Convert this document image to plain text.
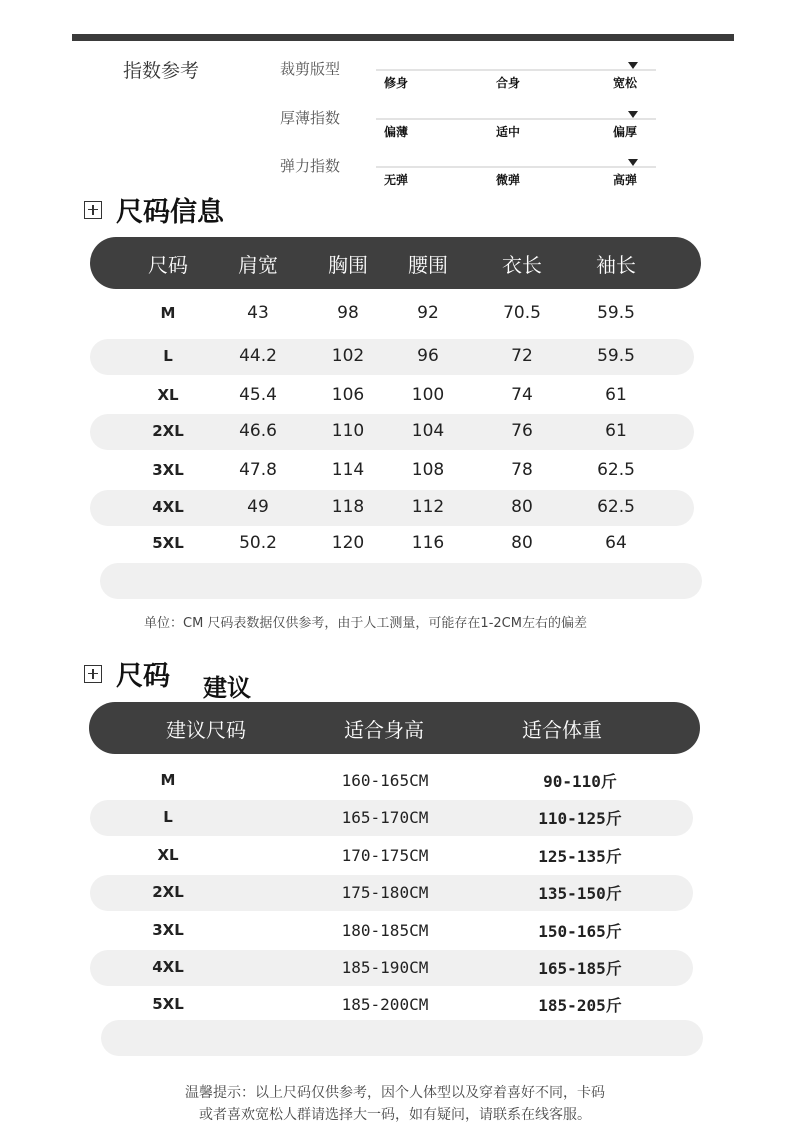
指数参考	裁剪版型
修身	合身	宽松
厚薄指数
偏薄	适中	偏厚
弹力指数
无弹	微弹	高弹
尺码信息
尺码	肩宽	胸围	腰围	衣长	袖长
M	43	98	92	70.5	59.5
L	44.2	102	96	72	59.5
XL	45.4	106	100	74	61
2XL	46.6	110	104	76	61
3XL	47.8	114	108	78	62.5
4XL	49	118	112	80	62.5
5XL	50.2	120	116	80	64
单位：CM 尺码表数据仅供参考，由于人工测量，可能存在1-2CM左右的偏差
尺码 建议
建议尺码	适合身高	适合体重
M	160-165CM	90-110斤
L	165-170CM	110-125斤
XL	170-175CM	125-135斤
2XL	175-180CM	135-150斤
3XL	180-185CM	150-165斤
4XL	185-190CM	165-185斤
5XL	185-200CM	185-205斤
温馨提示：以上尺码仅供参考，因个人体型以及穿着喜好不同，卡码
或者喜欢宽松人群请选择大一码，如有疑问，请联系在线客服。
